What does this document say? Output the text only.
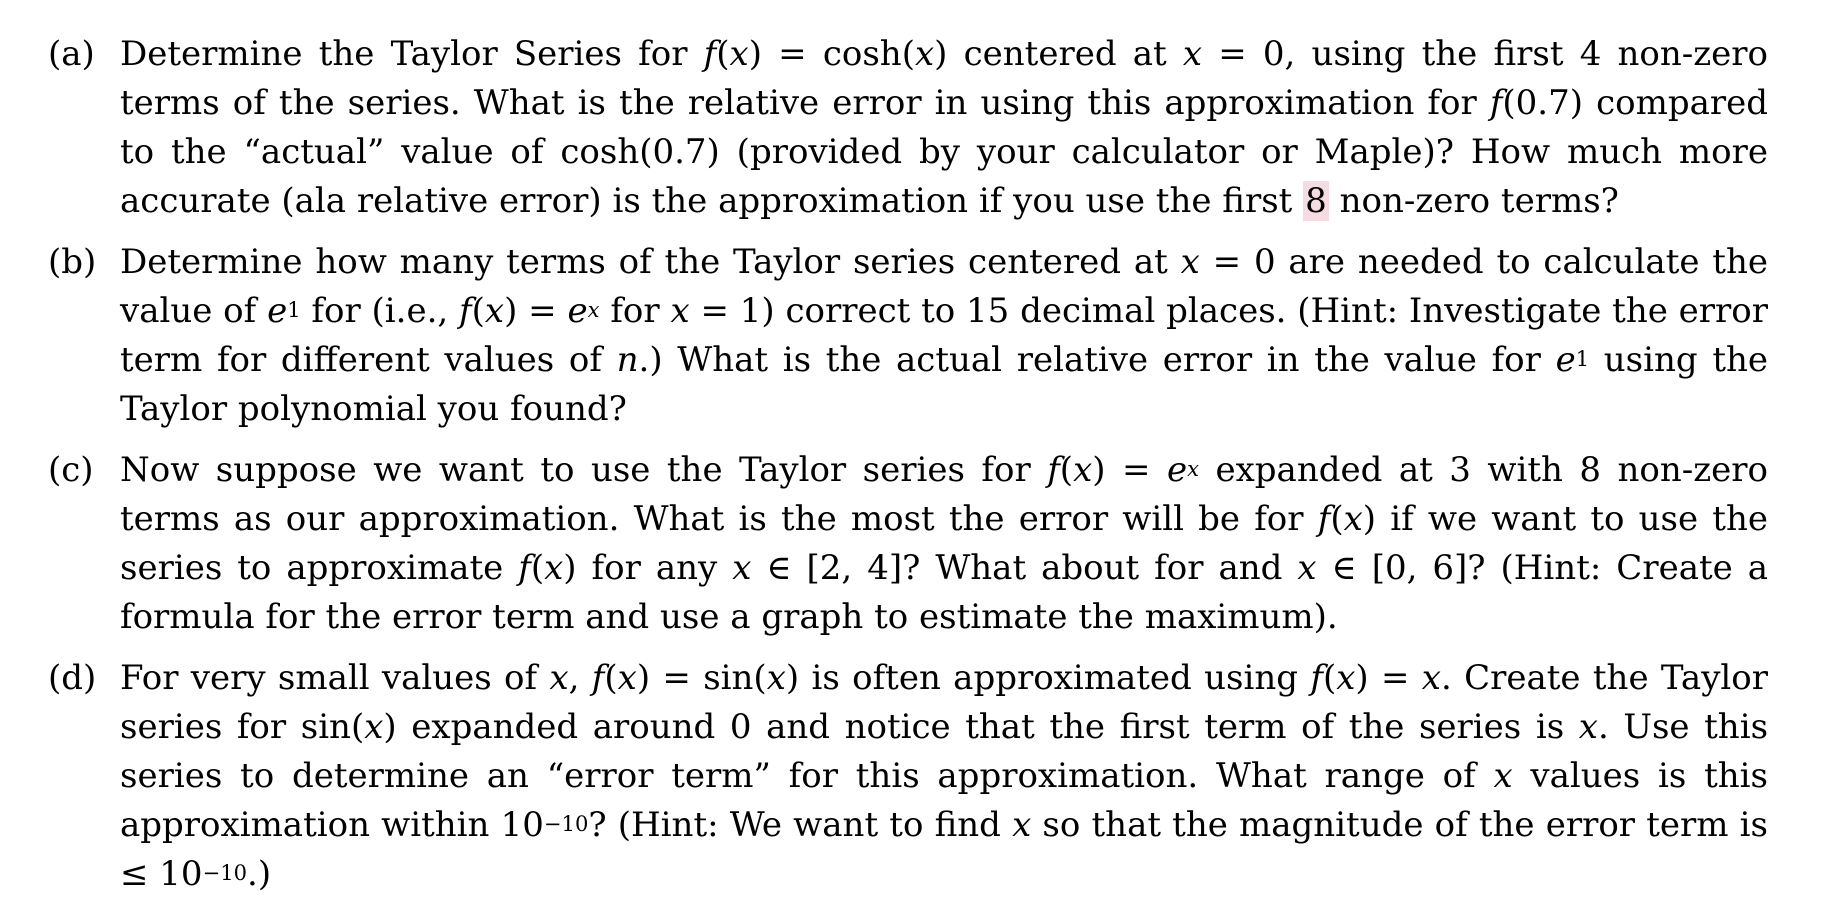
(a) Determine the Taylor Series for f(x) = cosh(x) centered at x = 0, using the first 4 non-zero terms of the series. What is the relative error in using this approximation for f(0.7) compared to the “actual” value of cosh(0.7) (provided by your calculator or Maple)? How much more accurate (ala relative error) is the approximation if you use the first 8 non-zero terms?
(b) Determine how many terms of the Taylor series centered at x = 0 are needed to calculate the value of $e^1$ for (i.e., $f(x) = e^x$ for x = 1) correct to 15 decimal places. (Hint: Investigate the error term for different values of n.) What is the actual relative error in the value for $e^1$ using the Taylor polynomial you found?
(c) Now suppose we want to use the Taylor series for $f(x) = e^x$ expanded at 3 with 8 non-zero terms as our approximation. What is the most the error will be for f(x) if we want to use the series to approximate f(x) for any x ∈ [2, 4]? What about for and x ∈ [0, 6]? (Hint: Create a formula for the error term and use a graph to estimate the maximum).
(d) For very small values of x, f(x) = sin(x) is often approximated using f(x) = x. Create the Taylor series for sin(x) expanded around 0 and notice that the first term of the series is x. Use this series to determine an “error term” for this approximation. What range of x values is this approximation within $10^{-10}$? (Hint: We want to find x so that the magnitude of the error term is ≤ $10^{-10}$.)
